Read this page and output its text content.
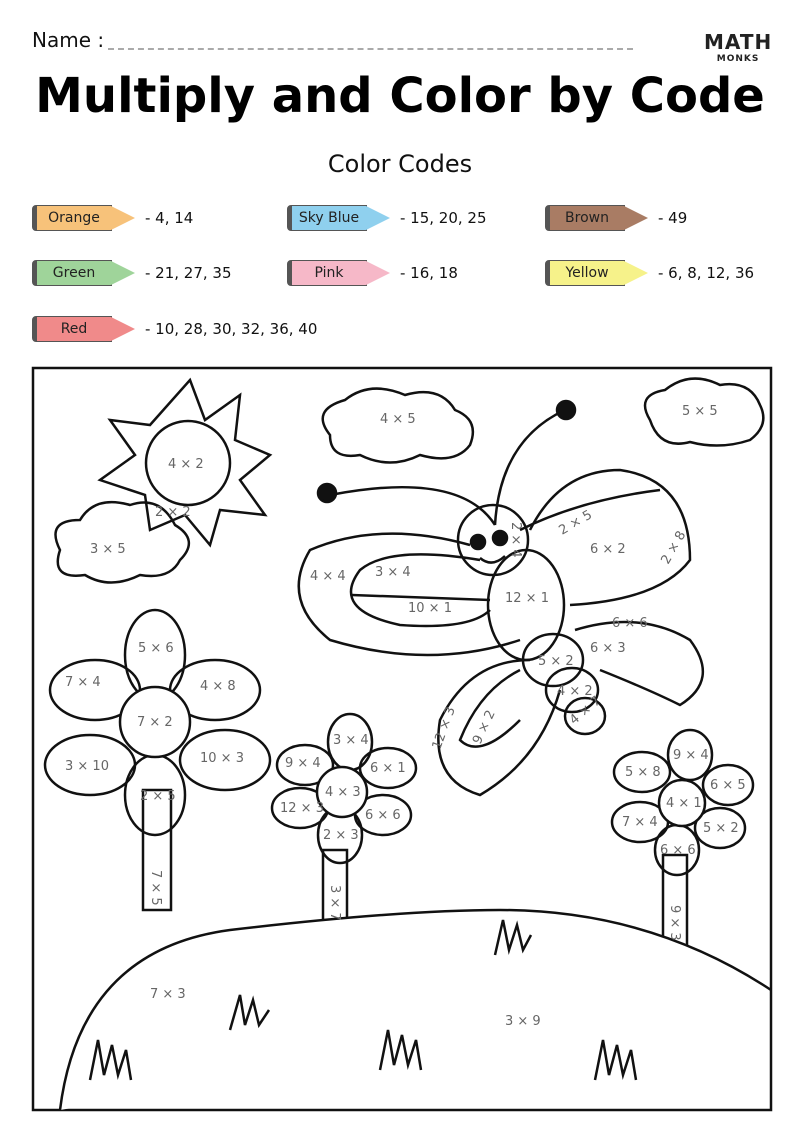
Name :	MATH
MONKS
Multiply and Color by Code
Color Codes
Orange	- 4, 14	Sky Blue	- 15, 20, 25	Brown	- 49
Green	- 21, 27, 35	Pink	- 16, 18	Yellow	- 6, 8, 12, 36
Red	- 10, 28, 30, 32, 36, 40
4 × 2
2 × 2
3 × 5
4 × 5
5 × 5
4 × 4 3 × 4
10 × 1
2 × 4	2 × 5
6 × 2	2 × 8
12 × 1
6 × 6
6 × 3
5 × 2
4 × 2
4 × 7
12 × 3 9 × 2
5 × 6
7 × 4	4 × 8
7 × 2
3 × 10
10 × 3
2 × 5
7 × 5
3 × 4
9 × 4	6 × 1
4 × 3
12 × 3	6 × 6
2 × 3
3 × 7
9 × 4
5 × 8
6 × 5
4 × 1
7 × 4	5 × 2
6 × 6
9 × 3
7 × 3
3 × 9
